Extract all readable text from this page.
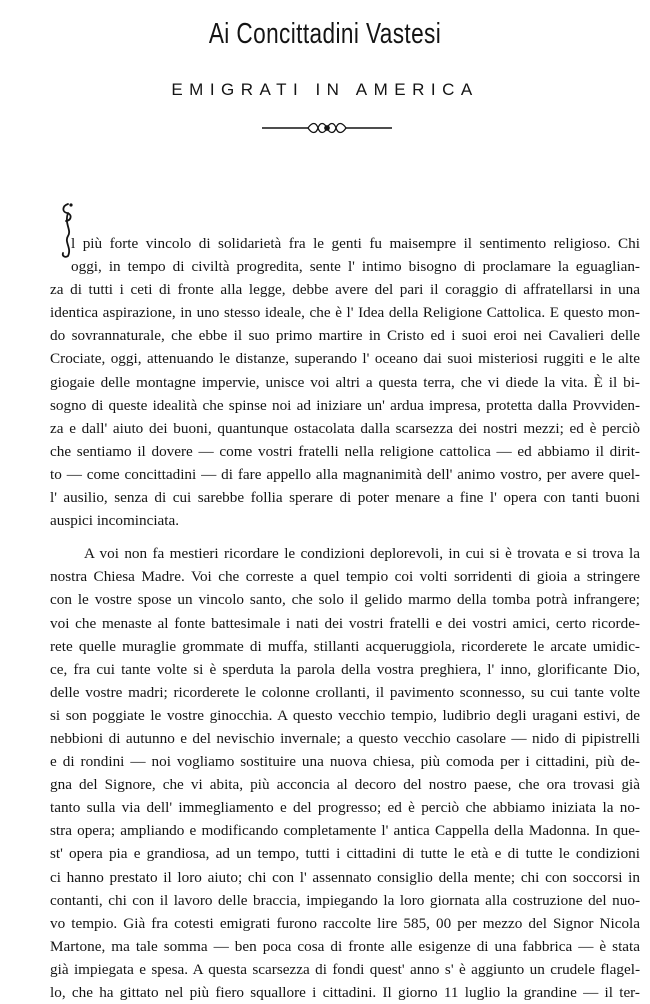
Ai Concittadini Vastesi
EMIGRATI IN AMERICA
l più forte vincolo di solidarietà fra le genti fu maisempre il sentimento religioso. Chi
oggi, in tempo di civiltà progredita, sente l' intimo bisogno di proclamare la eguaglian-
za di tutti i ceti di fronte alla legge, debbe avere del pari il coraggio di affratellarsi in una
identica aspirazione, in uno stesso ideale, che è l' Idea della Religione Cattolica. E questo mon-
do sovrannaturale, che ebbe il suo primo martire in Cristo ed i suoi eroi nei Cavalieri delle
Crociate, oggi, attenuando le distanze, superando l' oceano dai suoi misteriosi ruggiti e le alte
giogaie delle montagne impervie, unisce voi altri a questa terra, che vi diede la vita. È il bi-
sogno di queste idealità che spinse noi ad iniziare un' ardua impresa, protetta dalla Provviden-
za e dall' aiuto dei buoni, quantunque ostacolata dalla scarsezza dei nostri mezzi; ed è perciò
che sentiamo il dovere — come vostri fratelli nella religione cattolica — ed abbiamo il dirit-
to — come concittadini — di fare appello alla magnanimità dell' animo vostro, per avere quel-
l' ausilio, senza di cui sarebbe follia sperare di poter menare a fine l' opera con tanti buoni
auspici incominciata.
A voi non fa mestieri ricordare le condizioni deplorevoli, in cui si è trovata e si trova la
nostra Chiesa Madre. Voi che correste a quel tempio coi volti sorridenti di gioia a stringere
con le vostre spose un vincolo santo, che solo il gelido marmo della tomba potrà infrangere;
voi che menaste al fonte battesimale i nati dei vostri fratelli e dei vostri amici, certo ricorde-
rete quelle muraglie grommate di muffa, stillanti acqueruggiola, ricorderete le arcate umidic-
ce, fra cui tante volte si è sperduta la parola della vostra preghiera, l' inno, glorificante Dio,
delle vostre madri; ricorderete le colonne crollanti, il pavimento sconnesso, su cui tante volte
si son poggiate le vostre ginocchia. A questo vecchio tempio, ludibrio degli uragani estivi, de
nebbioni di autunno e del nevischio invernale; a questo vecchio casolare — nido di pipistrelli
e di rondini — noi vogliamo sostituire una nuova chiesa, più comoda per i cittadini, più de-
gna del Signore, che vi abita, più acconcia al decoro del nostro paese, che ora trovasi già
tanto sulla via dell' immegliamento e del progresso; ed è perciò che abbiamo iniziata la no-
stra opera; ampliando e modificando completamente l' antica Cappella della Madonna. In que-
st' opera pia e grandiosa, ad un tempo, tutti i cittadini di tutte le età e di tutte le condizioni
ci hanno prestato il loro aiuto; chi con l' assennato consiglio della mente; chi con soccorsi in
contanti, chi con il lavoro delle braccia, impiegando la loro giornata alla costruzione del nuo-
vo tempio. Già fra cotesti emigrati furono raccolte lire 585, 00 per mezzo del Signor Nicola
Martone, ma tale somma — ben poca cosa di fronte alle esigenze di una fabbrica — è stata
già impiegata e spesa. A questa scarsezza di fondi quest' anno s' è aggiunto un crudele flagel-
lo, che ha gittato nel più fiero squallore i cittadini. Il giorno 11 luglio la grandine — il ter-
